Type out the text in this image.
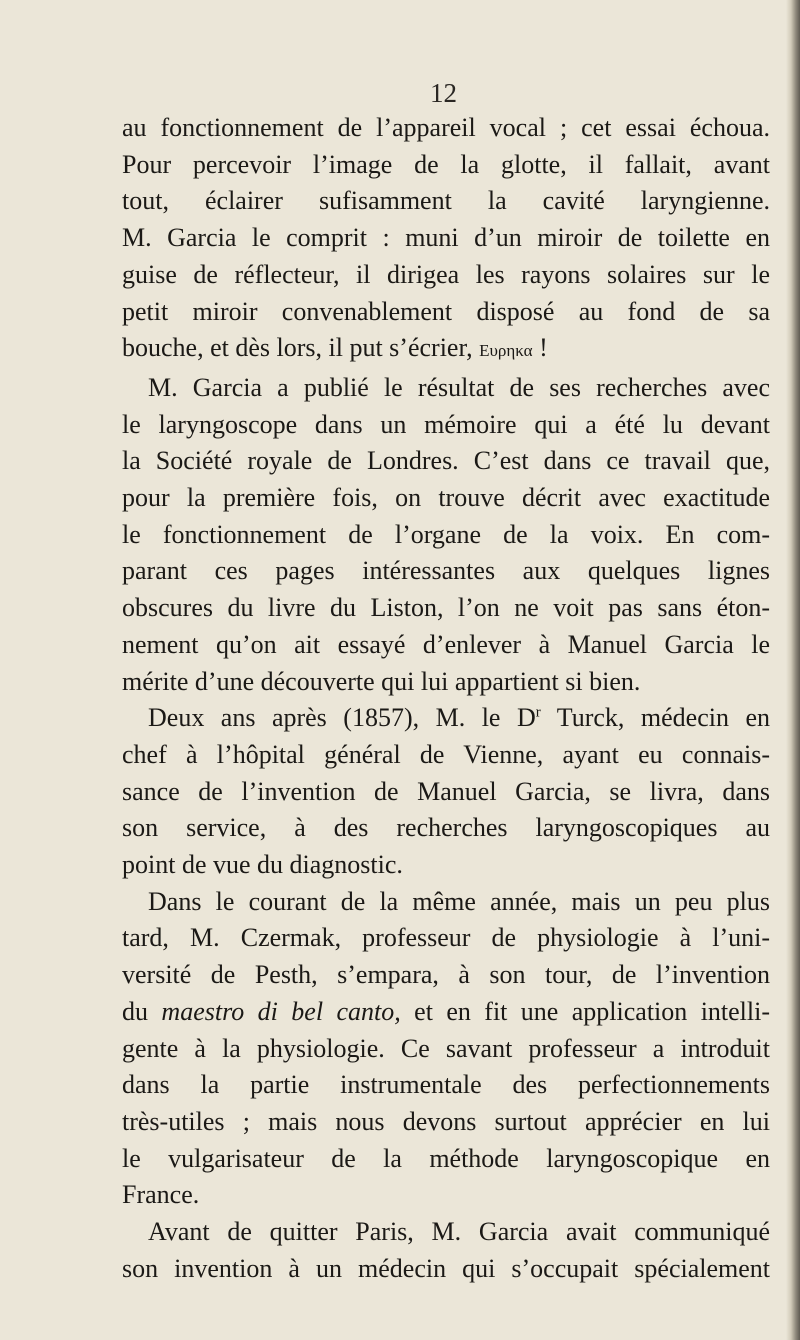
12
au fonctionnement de l’appareil vocal ; cet essai échoua.
Pour percevoir l’image de la glotte, il fallait, avant
tout, éclairer sufisamment la cavité laryngienne.
M. Garcia le comprit : muni d’un miroir de toilette en
guise de réflecteur, il dirigea les rayons solaires sur le
petit miroir convenablement disposé au fond de sa
bouche, et dès lors, il put s’écrier, Ευρηκα !
M. Garcia a publié le résultat de ses recherches avec
le laryngoscope dans un mémoire qui a été lu devant
la Société royale de Londres. C’est dans ce travail que,
pour la première fois, on trouve décrit avec exactitude
le fonctionnement de l’organe de la voix. En com-
parant ces pages intéressantes aux quelques lignes
obscures du livre du Liston, l’on ne voit pas sans éton-
nement qu’on ait essayé d’enlever à Manuel Garcia le
mérite d’une découverte qui lui appartient si bien.
Deux ans après (1857), M. le $D^r$ Turck, médecin en
chef à l’hôpital général de Vienne, ayant eu connais-
sance de l’invention de Manuel Garcia, se livra, dans
son service, à des recherches laryngoscopiques au
point de vue du diagnostic.
Dans le courant de la même année, mais un peu plus
tard, M. Czermak, professeur de physiologie à l’uni-
versité de Pesth, s’empara, à son tour, de l’invention
du maestro di bel canto, et en fit une application intelli-
gente à la physiologie. Ce savant professeur a introduit
dans la partie instrumentale des perfectionnements
très-utiles ; mais nous devons surtout apprécier en lui
le vulgarisateur de la méthode laryngoscopique en
France.
Avant de quitter Paris, M. Garcia avait communiqué
son invention à un médecin qui s’occupait spécialement
